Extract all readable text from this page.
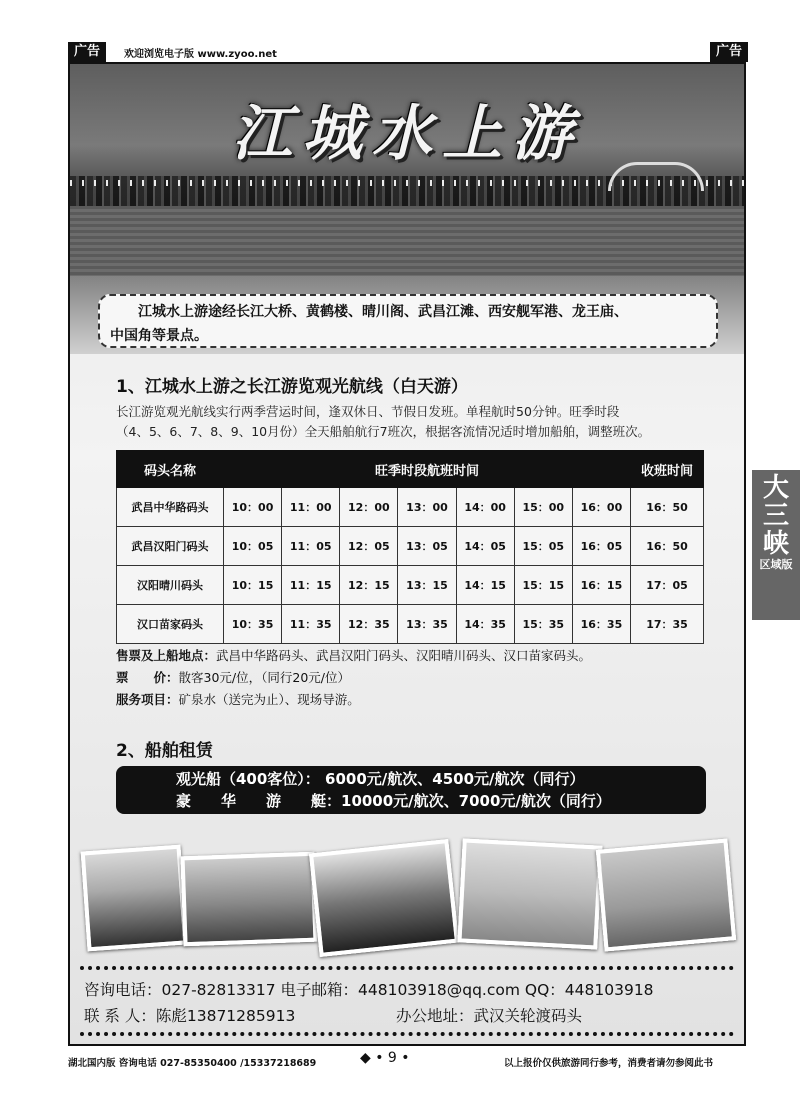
广告	欢迎浏览电子版 www.zyoo.net	广告
江城水上游
江城水上游途经长江大桥、黄鹤楼、晴川阁、武昌江滩、西安舰军港、龙王庙、
中国角等景点。
1、江城水上游之长江游览观光航线（白天游）
长江游览观光航线实行两季营运时间，逢双休日、节假日发班。单程航时50分钟。旺季时段
（4、5、6、7、8、9、10月份）全天船舶航行7班次，根据客流情况适时增加船舶，调整班次。
码头名称	旺季时段航班时间							收班时间
武昌中华路码头	10：00	11：00	12：00	13：00	14：00	15：00	16：00	16：50
武昌汉阳门码头	10：05	11：05	12：05	13：05	14：05	15：05	16：05	16：50
汉阳晴川码头	10：15	11：15	12：15	13：15	14：15	15：15	16：15	17：05
汉口苗家码头	10：35	11：35	12：35	13：35	14：35	15：35	16：35	17：35
售票及上船地点：武昌中华路码头、武昌汉阳门码头、汉阳晴川码头、汉口苗家码头。
票　　价：散客30元/位，（同行20元/位）
服务项目：矿泉水（送完为止）、现场导游。
2、船舶租赁
观光船（400客位）： 6000元/航次、4500元/航次（同行）
豪　　华　　游　　艇：10000元/航次、7000元/航次（同行）
咨询电话：027-82813317 电子邮箱：448103918@qq.com QQ：448103918
联 系 人：陈彪13871285913	办公地址：武汉关轮渡码头
大三峡
区域版
湖北国内版 咨询电话 027-85350400 /15337218689	◆ • 9 •	以上报价仅供旅游同行参考，消费者请勿参阅此书
